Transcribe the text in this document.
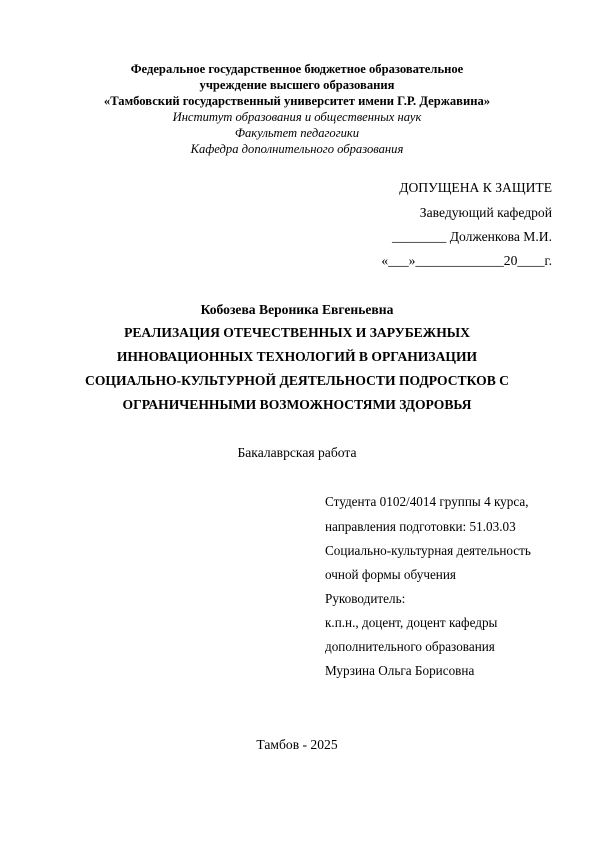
Федеральное государственное бюджетное образовательное

учреждение высшего образования

«Тамбовский государственный университет имени Г.Р. Державина»

Институт образования и общественных наук

Факультет педагогики

Кафедра дополнительного образования

ДОПУЩЕНА К ЗАЩИТЕ

Заведующий кафедрой

________ Долженкова М.И.

«___»_____________20____г.

Кобозева Вероника Евгеньевна

РЕАЛИЗАЦИЯ ОТЕЧЕСТВЕННЫХ И ЗАРУБЕЖНЫХ

ИННОВАЦИОННЫХ ТЕХНОЛОГИЙ В ОРГАНИЗАЦИИ

СОЦИАЛЬНО-КУЛЬТУРНОЙ ДЕЯТЕЛЬНОСТИ ПОДРОСТКОВ С

ОГРАНИЧЕННЫМИ ВОЗМОЖНОСТЯМИ ЗДОРОВЬЯ

Бакалаврская работа

Студента 0102/4014 группы 4 курса,

направления подготовки: 51.03.03

Социально-культурная деятельность

очной формы обучения

Руководитель:

к.п.н., доцент, доцент кафедры

дополнительного образования

Мурзина Ольга Борисовна

Тамбов - 2025
